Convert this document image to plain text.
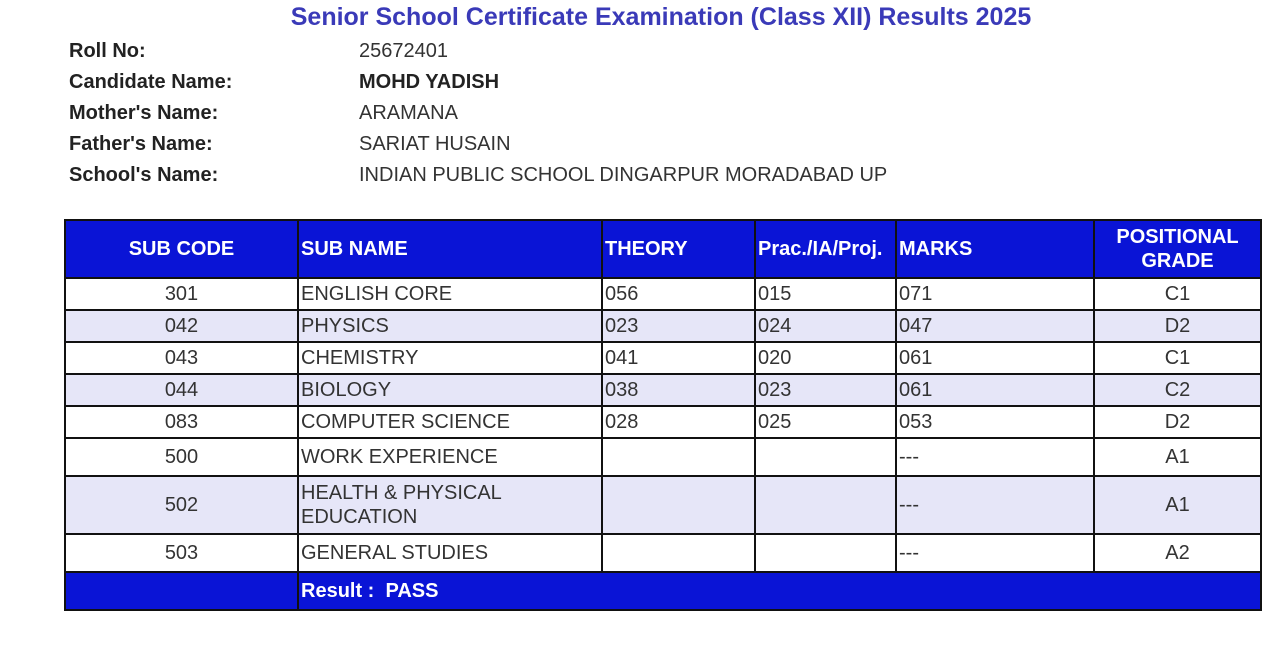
Senior School Certificate Examination (Class XII) Results 2025
Roll No:	25672401
Candidate Name:	MOHD YADISH
Mother's Name:	ARAMANA
Father's Name:	SARIAT HUSAIN
School's Name:	INDIAN PUBLIC SCHOOL DINGARPUR MORADABAD UP
SUB CODE	SUB NAME	THEORY	Prac./IA/Proj.	MARKS	POSITIONAL
GRADE

301	ENGLISH CORE	056	015	071	C1
042	PHYSICS	023	024	047	D2
043	CHEMISTRY	041	020	061	C1
044	BIOLOGY	038	023	061	C2
083	COMPUTER SCIENCE	028	025	053	D2
500	WORK EXPERIENCE			---	A1
502	HEALTH & PHYSICAL EDUCATION			---	A1
503	GENERAL STUDIES			---	A2
	Result : PASS				
